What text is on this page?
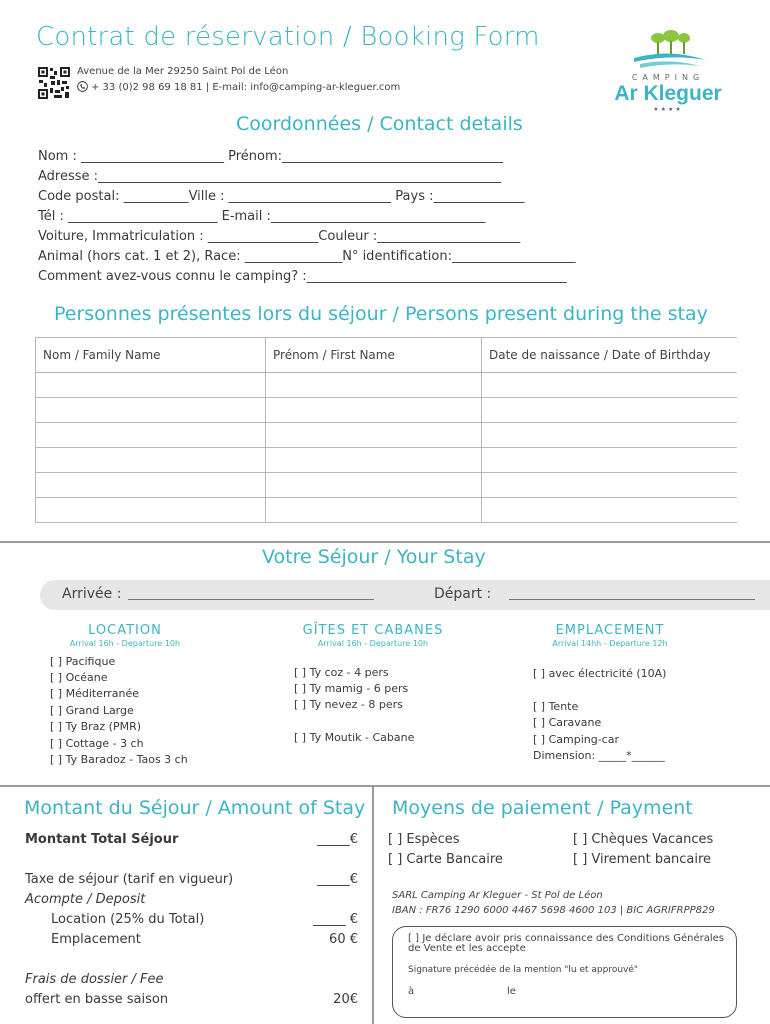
Contrat de réservation / Booking Form
Avenue de la Mer 29250 Saint Pol de Léon
+ 33 (0)2 98 69 18 81 | E-mail: info@camping-ar-kleguer.com
CAMPING
Ar Kleguer
★★★★
Coordonnées / Contact details
Nom : ______________________ Prénom:__________________________________
Adresse :______________________________________________________________
Code postal: __________Ville : _________________________ Pays :______________
Tél : _______________________ E-mail :_________________________________
Voiture, Immatriculation : _________________Couleur :______________________
Animal (hors cat. 1 et 2), Race: _______________N° identification:___________________
Comment avez-vous connu le camping? :________________________________________
Personnes présentes lors du séjour / Persons present during the stay
Nom / Family Name	Prénom / First Name	Date de naissance / Date of Birthday

Votre Séjour / Your Stay
Arrivée :	Départ :
LOCATION
Arrival 16h - Departure 10h
[ ] Pacifique
[ ] Océane
[ ] Méditerranée
[ ] Grand Large
[ ] Ty Braz (PMR)
[ ] Cottage - 3 ch
[ ] Ty Baradoz - Taos 3 ch
GÎTES ET CABANES
Arrival 16h - Departure 10h
[ ] Ty coz - 4 pers
[ ] Ty mamig - 6 pers
[ ] Ty nevez - 8 pers
[ ] Ty Moutik - Cabane
EMPLACEMENT
Arrival 14hh - Departure 12h
[ ] avec électricité (10A)
[ ] Tente
[ ] Caravane
[ ] Camping-car
Dimension: _____*______
Montant du Séjour / Amount of Stay
Montant Total Séjour	_____€
Taxe de séjour (tarif en vigueur)	_____€
Acompte / Deposit
Location (25% du Total)	_____ €
Emplacement	60 €
Frais de dossier / Fee
offert en basse saison	20€
Moyens de paiement / Payment
[ ] Espèces	[ ] Chèques Vacances
[ ] Carte Bancaire	[ ] Virement bancaire
SARL Camping Ar Kleguer - St Pol de Léon
IBAN : FR76 1290 6000 4467 5698 4600 103 | BIC AGRIFRPP829
[ ] Je déclare avoir pris connaissance des Conditions Générales de Vente et les accepte
Signature précédée de la mention "lu et approuvé"
à	le
